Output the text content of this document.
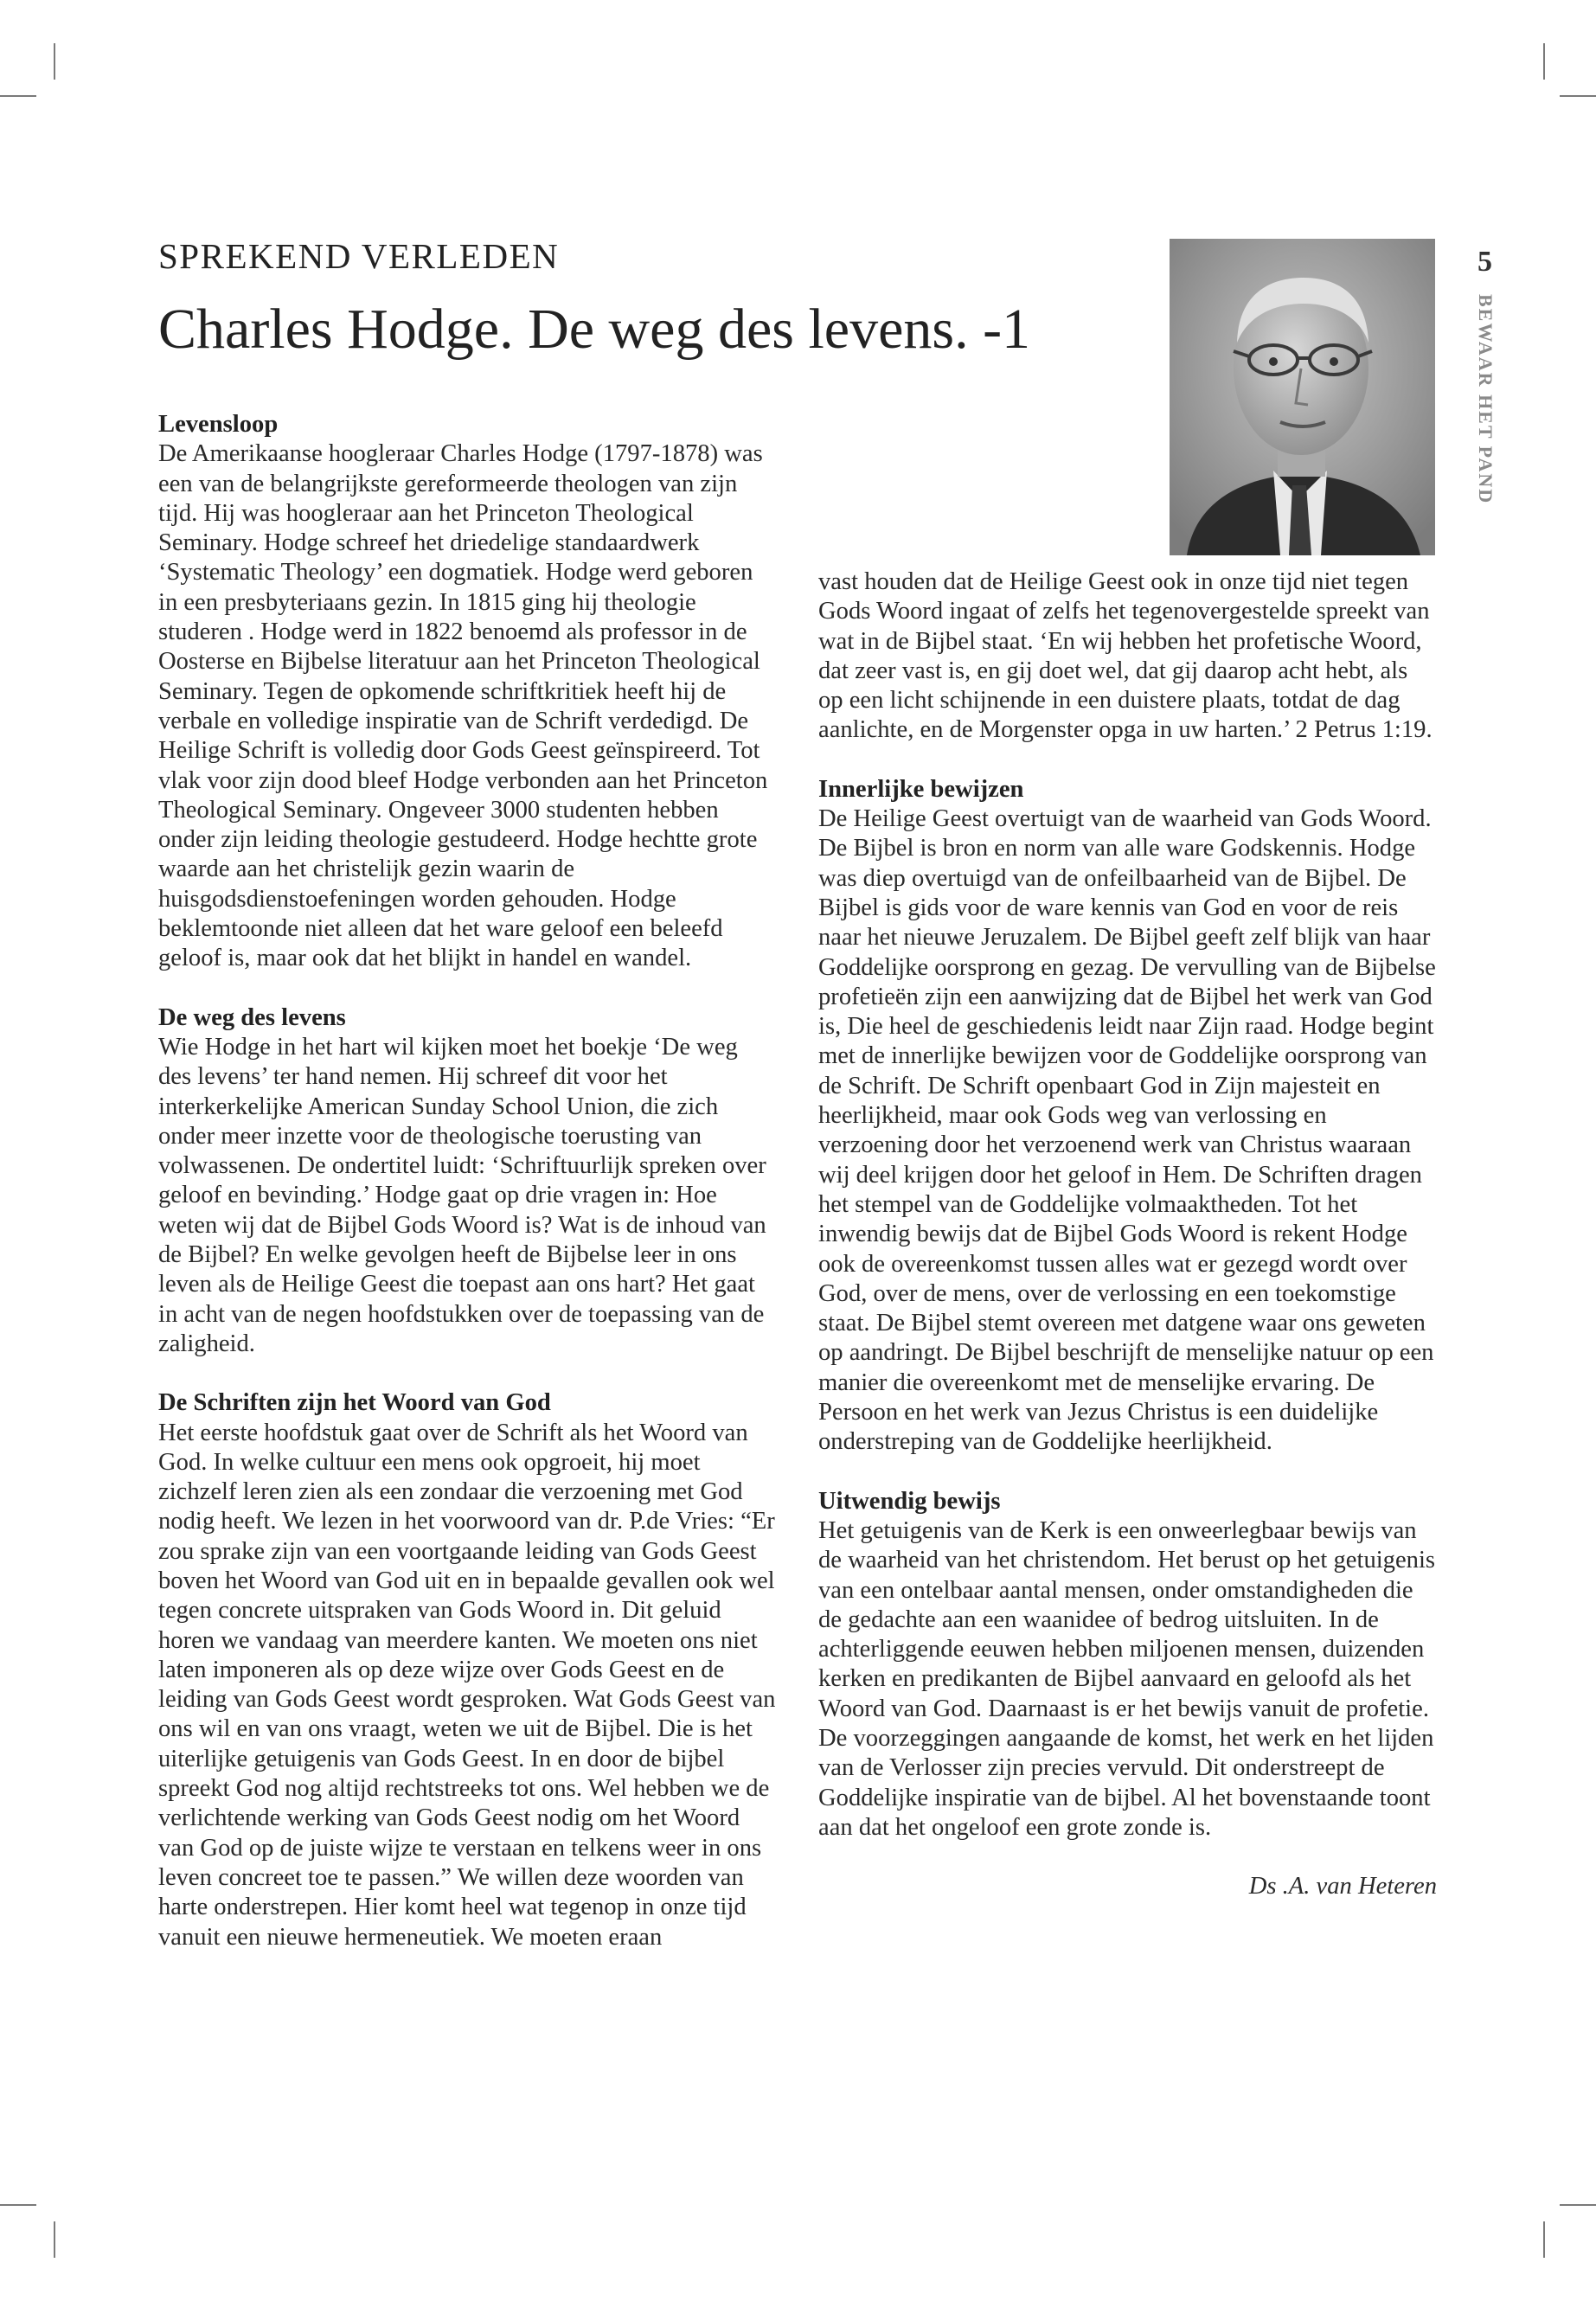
SPREKEND VERLEDEN
Charles Hodge. De weg des levens. -1
5
BEWAAR HET PAND
Levensloop

De Amerikaanse hoogleraar Charles Hodge (1797-1878) was een van de belangrijkste gereformeerde theologen van zijn tijd. Hij was hoogleraar aan het Princeton Theological Seminary. Hodge schreef het driedelige standaardwerk ‘Systematic Theology’ een dogmatiek. Hodge werd geboren in een presbyteriaans gezin. In 1815 ging hij theologie studeren . Hodge werd in 1822 benoemd als professor in de Oosterse en Bijbelse literatuur aan het Princeton Theological Seminary. Tegen de opkomende schriftkritiek heeft hij de verbale en volledige inspiratie van de Schrift verdedigd. De Heilige Schrift is volledig door Gods Geest geïnspireerd. Tot vlak voor zijn dood bleef Hodge verbonden aan het Princeton Theological Seminary. Ongeveer 3000 studenten hebben onder zijn leiding theologie gestudeerd. Hodge hechtte grote waarde aan het christelijk gezin waarin de huisgodsdienstoefeningen worden gehouden. Hodge beklemtoonde niet alleen dat het ware geloof een beleefd geloof is, maar ook dat het blijkt in handel en wandel.

De weg des levens

Wie Hodge in het hart wil kijken moet het boekje ‘De weg des levens’ ter hand nemen. Hij schreef dit voor het interkerkelijke American Sunday School Union, die zich onder meer inzette voor de theologische toerusting van volwassenen. De ondertitel luidt: ‘Schriftuurlijk spreken over geloof en bevinding.’ Hodge gaat op drie vragen in: Hoe weten wij dat de Bijbel Gods Woord is? Wat is de inhoud van de Bijbel? En welke gevolgen heeft de Bijbelse leer in ons leven als de Heilige Geest die toepast aan ons hart? Het gaat in acht van de negen hoofdstukken over de toepassing van de zaligheid.

De Schriften zijn het Woord van God

Het eerste hoofdstuk gaat over de Schrift als het Woord van God. In welke cultuur een mens ook opgroeit, hij moet zichzelf leren zien als een zondaar die verzoening met God nodig heeft. We lezen in het voorwoord van dr. P.de Vries: “Er zou sprake zijn van een voortgaande leiding van Gods Geest boven het Woord van God uit en in bepaalde gevallen ook wel tegen concrete uitspraken van Gods Woord in. Dit geluid horen we vandaag van meerdere kanten. We moeten ons niet laten imponeren als op deze wijze over Gods Geest en de leiding van Gods Geest wordt gesproken. Wat Gods Geest van ons wil en van ons vraagt, weten we uit de Bijbel. Die is het uiterlijke getuigenis van Gods Geest. In en door de bijbel spreekt God nog altijd rechtstreeks tot ons. Wel hebben we de verlichtende werking van Gods Geest nodig om het Woord van God op de juiste wijze te verstaan en telkens weer in ons leven concreet toe te passen.” We willen deze woorden van harte onderstrepen. Hier komt heel wat tegenop in onze tijd vanuit een nieuwe hermeneutiek. We moeten eraan

vast houden dat de Heilige Geest ook in onze tijd niet tegen Gods Woord ingaat of zelfs het tegenovergestelde spreekt van wat in de Bijbel staat. ‘En wij hebben het profetische Woord, dat zeer vast is, en gij doet wel, dat gij daarop acht hebt, als op een licht schijnende in een duistere plaats, totdat de dag aanlichte, en de Morgenster opga in uw harten.’ 2 Petrus 1:19.

Innerlijke bewijzen

De Heilige Geest overtuigt van de waarheid van Gods Woord. De Bijbel is bron en norm van alle ware Godskennis. Hodge was diep overtuigd van de onfeilbaarheid van de Bijbel. De Bijbel is gids voor de ware kennis van God en voor de reis naar het nieuwe Jeruzalem. De Bijbel geeft zelf blijk van haar Goddelijke oorsprong en gezag. De vervulling van de Bijbelse profetieën zijn een aanwijzing dat de Bijbel het werk van God is, Die heel de geschiedenis leidt naar Zijn raad. Hodge begint met de innerlijke bewijzen voor de Goddelijke oorsprong van de Schrift. De Schrift openbaart God in Zijn majesteit en heerlijkheid, maar ook Gods weg van verlossing en verzoening door het verzoenend werk van Christus waaraan wij deel krijgen door het geloof in Hem. De Schriften dragen het stempel van de Goddelijke volmaaktheden. Tot het inwendig bewijs dat de Bijbel Gods Woord is rekent Hodge ook de overeenkomst tussen alles wat er gezegd wordt over God, over de mens, over de verlossing en een toekomstige staat. De Bijbel stemt overeen met datgene waar ons geweten op aandringt. De Bijbel beschrijft de menselijke natuur op een manier die overeenkomt met de menselijke ervaring. De Persoon en het werk van Jezus Christus is een duidelijke onderstreping van de Goddelijke heerlijkheid.

Uitwendig bewijs

Het getuigenis van de Kerk is een onweerlegbaar bewijs van de waarheid van het christendom. Het berust op het getuigenis van een ontelbaar aantal mensen, onder omstandigheden die de gedachte aan een waanidee of bedrog uitsluiten. In de achterliggende eeuwen hebben miljoenen mensen, duizenden kerken en predikanten de Bijbel aanvaard en geloofd als het Woord van God. Daarnaast is er het bewijs vanuit de profetie. De voorzeggingen aangaande de komst, het werk en het lijden van de Verlosser zijn precies vervuld. Dit onderstreept de Goddelijke inspiratie van de bijbel. Al het bovenstaande toont aan dat het ongeloof een grote zonde is.

Ds .A. van Heteren
